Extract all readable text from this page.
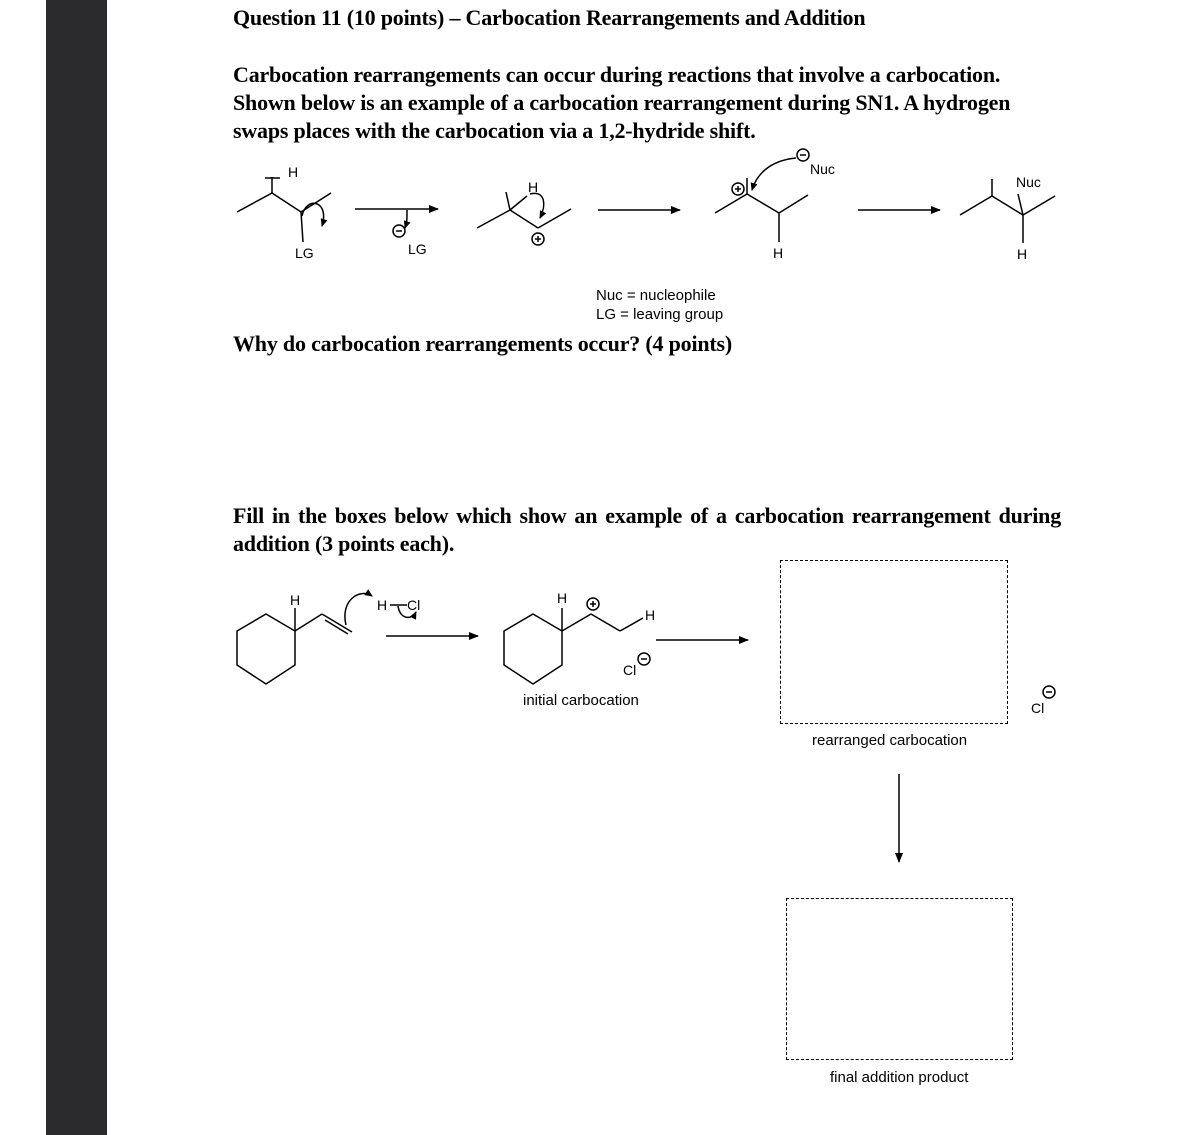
Question 11 (10 points) – Carbocation Rearrangements and Addition
Carbocation rearrangements can occur during reactions that involve a carbocation. Shown below is an example of a carbocation rearrangement during SN1. A hydrogen swaps places with the carbocation via a 1,2-hydride shift.
Why do carbocation rearrangements occur? (4 points)
Fill in the boxes below which show an example of a carbocation rearrangement during addition (3 points each).
Nuc = nucleophile
LG = leaving group
H
LG	LG
H
H
Nuc
Nuc
H
H	H Cl	H
H
Cl
Cl
initial carbocation
rearranged carbocation
final addition product
